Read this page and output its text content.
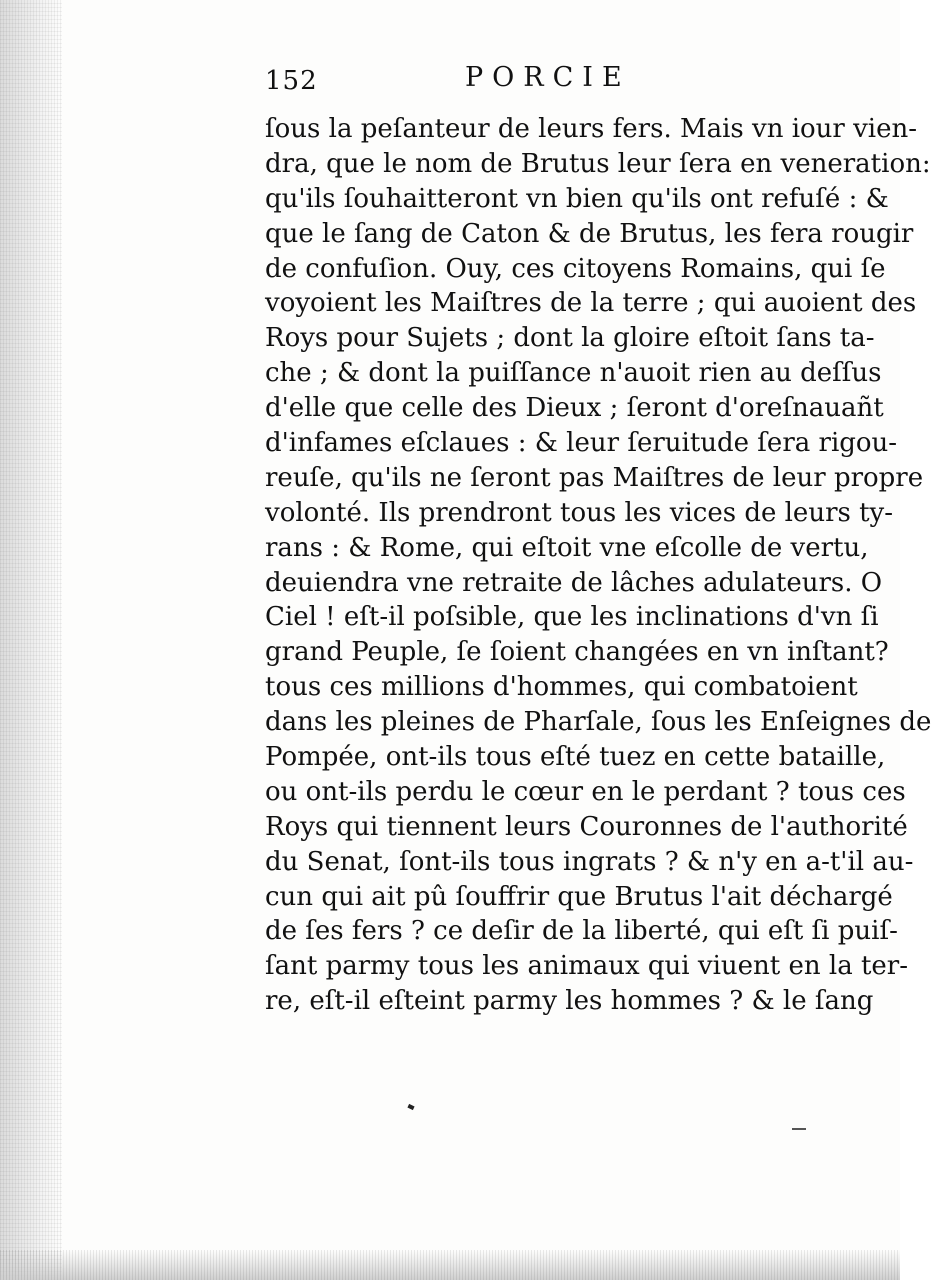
152	PORCIE
ſous la peſanteur de leurs fers. Mais vn iour vien-
dra, que le nom de Brutus leur ſera en veneration:
qu'ils ſouhaitteront vn bien qu'ils ont refuſé : &
que le ſang de Caton & de Brutus, les fera rougir
de confuſion. Ouy, ces citoyens Romains, qui ſe
voyoient les Maiſtres de la terre ; qui auoient des
Roys pour Sujets ; dont la gloire eſtoit ſans ta-
che ; & dont la puiſſance n'auoit rien au deſſus
d'elle que celle des Dieux ; ſeront d'oreſnauañt
d'infames eſclaues : & leur ſeruitude ſera rigou-
reuſe, qu'ils ne ſeront pas Maiſtres de leur propre
volonté. Ils prendront tous les vices de leurs ty-
rans : & Rome, qui eſtoit vne eſcolle de vertu,
deuiendra vne retraite de lâches adulateurs. O
Ciel ! eſt-il poſsible, que les inclinations d'vn ſi
grand Peuple, ſe ſoient changées en vn inſtant?
tous ces millions d'hommes, qui combatoient
dans les pleines de Pharſale, ſous les Enſeignes de
Pompée, ont-ils tous eſté tuez en cette bataille,
ou ont-ils perdu le cœur en le perdant ? tous ces
Roys qui tiennent leurs Couronnes de l'authorité
du Senat, ſont-ils tous ingrats ? & n'y en a-t'il au-
cun qui ait pû ſouffrir que Brutus l'ait déchargé
de ſes fers ? ce deſir de la liberté, qui eſt ſi puiſ-
ſant parmy tous les animaux qui viuent en la ter-
re, eſt-il eſteint parmy les hommes ? & le ſang
